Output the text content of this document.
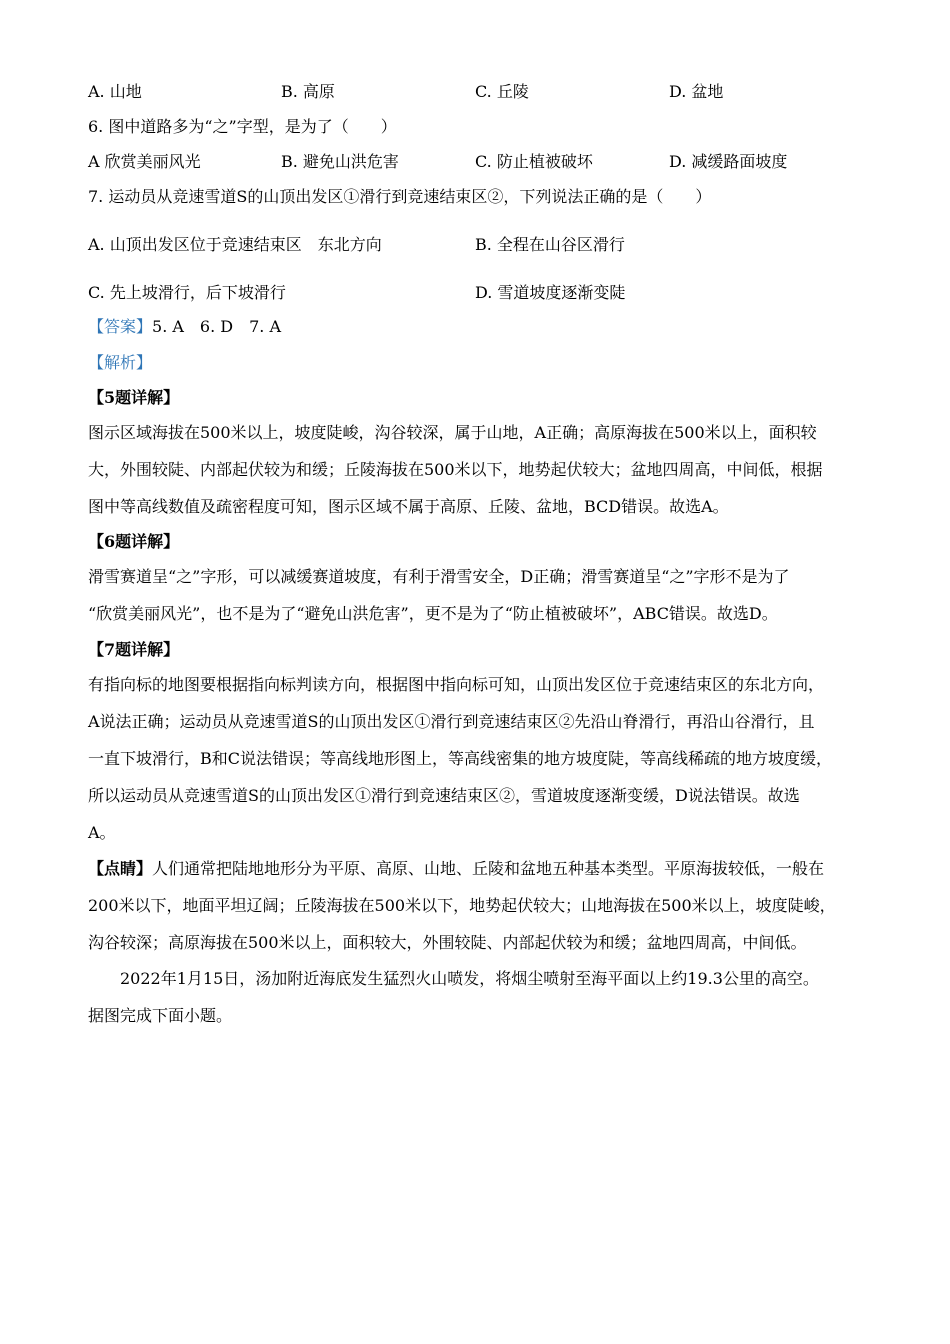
A. 山地	B. 高原	C. 丘陵	D. 盆地
6. 图中道路多为“之”字型，是为了（　　）
A 欣赏美丽风光	B. 避免山洪危害	C. 防止植被破坏	D. 减缓路面坡度
7. 运动员从竞速雪道S的山顶出发区①滑行到竞速结束区②，下列说法正确的是（　　）
A. 山顶出发区位于竞速结束区　东北方向	B. 全程在山谷区滑行
C. 先上坡滑行，后下坡滑行	D. 雪道坡度逐渐变陡
【答案】5. A　6. D　7. A
【解析】
【5题详解】
图示区域海拔在500米以上，坡度陡峻，沟谷较深，属于山地，A正确；高原海拔在500米以上，面积较
大，外围较陡、内部起伏较为和缓；丘陵海拔在500米以下，地势起伏较大；盆地四周高，中间低，根据
图中等高线数值及疏密程度可知，图示区域不属于高原、丘陵、盆地，BCD错误。故选A。
【6题详解】
滑雪赛道呈“之”字形，可以减缓赛道坡度，有利于滑雪安全，D正确；滑雪赛道呈“之”字形不是为了
“欣赏美丽风光”，也不是为了“避免山洪危害”，更不是为了“防止植被破坏”，ABC错误。故选D。
【7题详解】
有指向标的地图要根据指向标判读方向，根据图中指向标可知，山顶出发区位于竞速结束区的东北方向，
A说法正确；运动员从竞速雪道S的山顶出发区①滑行到竞速结束区②先沿山脊滑行，再沿山谷滑行，且
一直下坡滑行，B和C说法错误；等高线地形图上，等高线密集的地方坡度陡，等高线稀疏的地方坡度缓，
所以运动员从竞速雪道S的山顶出发区①滑行到竞速结束区②，雪道坡度逐渐变缓，D说法错误。故选
A。
【点睛】人们通常把陆地地形分为平原、高原、山地、丘陵和盆地五种基本类型。平原海拔较低，一般在
200米以下，地面平坦辽阔；丘陵海拔在500米以下，地势起伏较大；山地海拔在500米以上，坡度陡峻，
沟谷较深；高原海拔在500米以上，面积较大，外围较陡、内部起伏较为和缓；盆地四周高，中间低。
2022年1月15日，汤加附近海底发生猛烈火山喷发，将烟尘喷射至海平面以上约19.3公里的高空。
据图完成下面小题。
